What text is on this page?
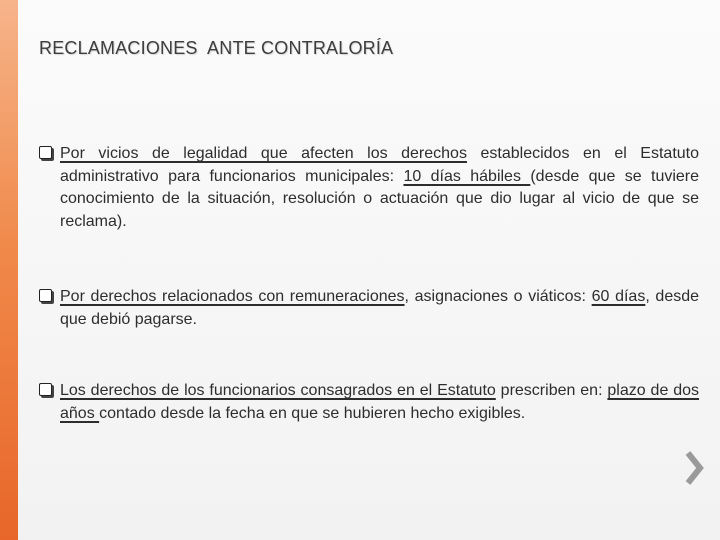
RECLAMACIONES  ANTE CONTRALORÍA
Por vicios de legalidad que afecten los derechos establecidos en el Estatuto administrativo para funcionarios municipales: 10 días hábiles (desde que se tuviere conocimiento de la situación, resolución o actuación que dio lugar al vicio de que se reclama).
Por derechos relacionados con remuneraciones, asignaciones o viáticos: 60 días, desde que debió pagarse.
Los derechos de los funcionarios consagrados en el Estatuto prescriben en: plazo de dos años contado desde la fecha en que se hubieren hecho exigibles.
